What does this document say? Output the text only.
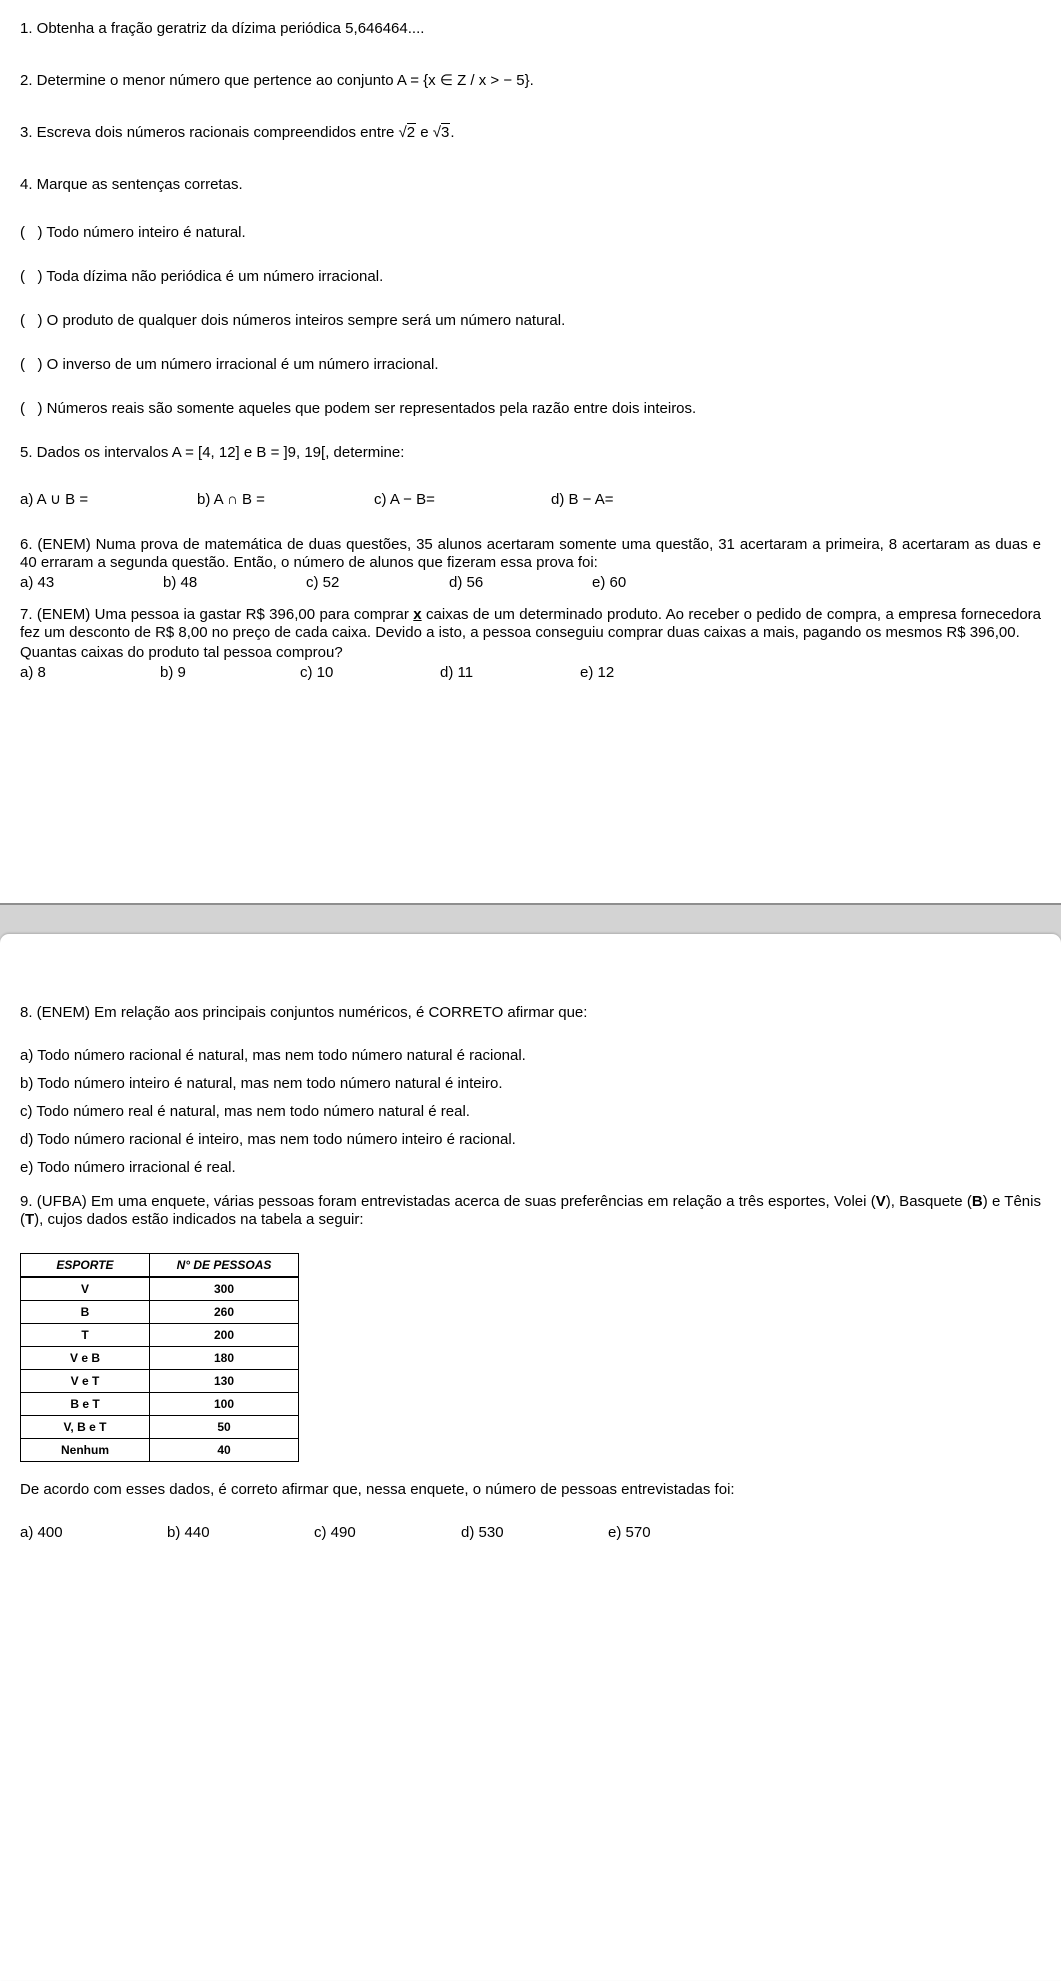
1. Obtenha a fração geratriz da dízima periódica 5,646464....

2. Determine o menor número que pertence ao conjunto A = {x ∈ Z / x > − 5}.

3. Escreva dois números racionais compreendidos entre √2 e √3.

4. Marque as sentenças corretas.

(   ) Todo número inteiro é natural.

(   ) Toda dízima não periódica é um número irracional.

(   ) O produto de qualquer dois números inteiros sempre será um número natural.

(   ) O inverso de um número irracional é um número irracional.

(   ) Números reais são somente aqueles que podem ser representados pela razão entre dois inteiros.

5. Dados os intervalos A = [4, 12] e B = ]9, 19[, determine:

a) A ∪ B =	b) A ∩ B =	c) A − B=	d) B − A=

6. (ENEM) Numa prova de matemática de duas questões, 35 alunos acertaram somente uma questão, 31 acertaram a primeira, 8 acertaram as duas e 40 erraram a segunda questão. Então, o número de alunos que fizeram essa prova foi:

a) 43	b) 48	c) 52	d) 56	e) 60

7. (ENEM) Uma pessoa ia gastar R$ 396,00 para comprar x caixas de um determinado produto. Ao receber o pedido de compra, a empresa fornecedora fez um desconto de R$ 8,00 no preço de cada caixa. Devido a isto, a pessoa conseguiu comprar duas caixas a mais, pagando os mesmos R$ 396,00.

Quantas caixas do produto tal pessoa comprou?

a) 8	b) 9	c) 10	d) 11	e) 12

8. (ENEM) Em relação aos principais conjuntos numéricos, é CORRETO afirmar que:

a) Todo número racional é natural, mas nem todo número natural é racional.

b) Todo número inteiro é natural, mas nem todo número natural é inteiro.

c) Todo número real é natural, mas nem todo número natural é real.

d) Todo número racional é inteiro, mas nem todo número inteiro é racional.

e) Todo número irracional é real.

9. (UFBA) Em uma enquete, várias pessoas foram entrevistadas acerca de suas preferências em relação a três esportes, Volei (V), Basquete (B) e Tênis (T), cujos dados estão indicados na tabela a seguir:

ESPORTE	N° DE PESSOAS
V	300
B	260
T	200
V e B	180
V e T	130
B e T	100
V, B e T	50
Nenhum	40

De acordo com esses dados, é correto afirmar que, nessa enquete, o número de pessoas entrevistadas foi:

a) 400	b) 440	c) 490	d) 530	e) 570
